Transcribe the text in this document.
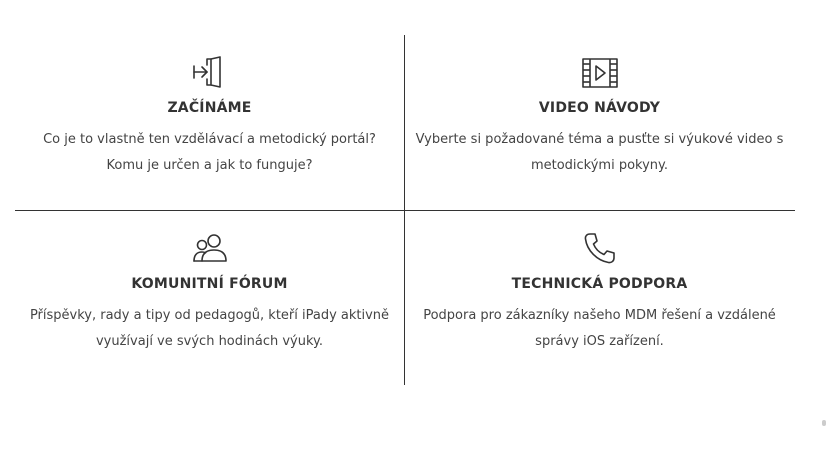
ZAČÍNÁME
Co je to vlastně ten vzdělávací a metodický portál? Komu je určen a jak to funguje?
VIDEO NÁVODY
Vyberte si požadované téma a pusťte si výukové video s metodickými pokyny.
KOMUNITNÍ FÓRUM
Příspěvky, rady a tipy od pedagogů, kteří iPady aktivně využívají ve svých hodinách výuky.
TECHNICKÁ PODPORA
Podpora pro zákazníky našeho MDM řešení a vzdálené správy iOS zařízení.
